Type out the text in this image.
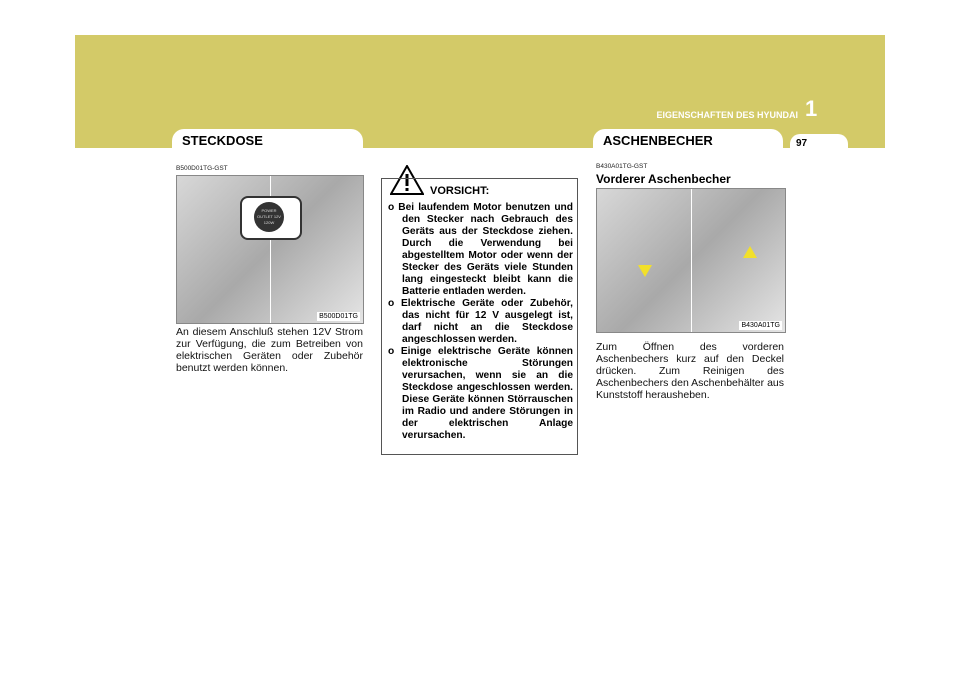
EIGENSCHAFTEN DES HYUNDAI 1
STECKDOSE	ASCHENBECHER	97
B500D01TG-GST
B500D01TG
POWER OUTLET 12V 120W
An diesem Anschluß stehen 12V Strom zur Verfügung, die zum Betreiben von elektrischen Geräten oder Zubehör benutzt werden können.
VORSICHT:
o Bei laufendem Motor benutzen und den Stecker nach Gebrauch des Geräts aus der Steckdose ziehen. Durch die Verwendung bei abgestelltem Motor oder wenn der Stecker des Geräts viele Stunden lang eingesteckt bleibt kann die Batterie entladen werden.
o Elektrische Geräte oder Zubehör, das nicht für 12 V ausgelegt ist, darf nicht an die Steckdose angeschlossen werden.
o Einige elektrische Geräte können elektronische Störungen verursachen, wenn sie an die Steckdose angeschlossen werden. Diese Geräte können Störrauschen im Radio und andere Störungen in der elektrischen Anlage verursachen.
B430A01TG-GST
Vorderer Aschenbecher
B430A01TG
Zum Öffnen des vorderen Aschenbechers kurz auf den Deckel drücken. Zum Reinigen des Aschenbechers den Aschenbehälter aus Kunststoff herausheben.
